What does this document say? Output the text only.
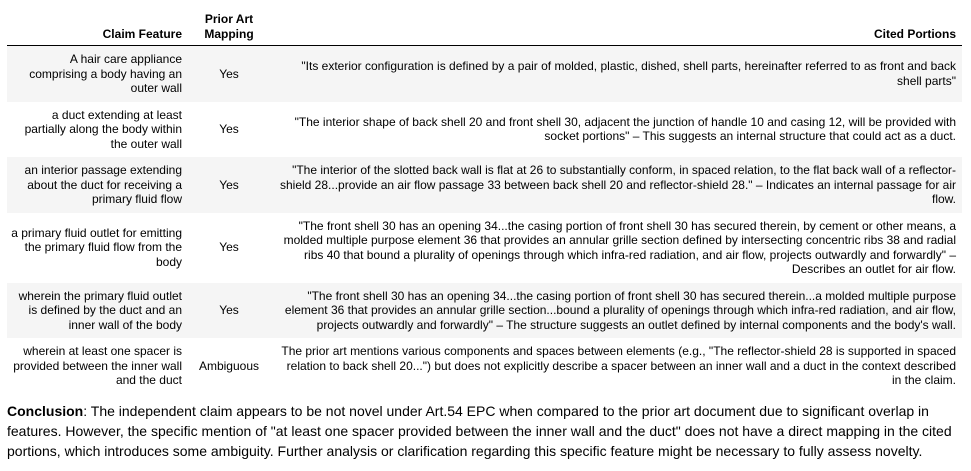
Claim Feature	Prior Art Mapping	Cited Portions
A hair care appliance comprising a body having an outer wall	Yes	"Its exterior configuration is defined by a pair of molded, plastic, dished, shell parts, hereinafter referred to as front and back shell parts"
a duct extending at least partially along the body within the outer wall	Yes	"The interior shape of back shell 20 and front shell 30, adjacent the junction of handle 10 and casing 12, will be provided with socket portions" – This suggests an internal structure that could act as a duct.
an interior passage extending about the duct for receiving a primary fluid flow	Yes	"The interior of the slotted back wall is flat at 26 to substantially conform, in spaced relation, to the flat back wall of a reflector-shield 28...provide an air flow passage 33 between back shell 20 and reflector-shield 28." – Indicates an internal passage for air flow.
a primary fluid outlet for emitting the primary fluid flow from the body	Yes	"The front shell 30 has an opening 34...the casing portion of front shell 30 has secured therein, by cement or other means, a molded multiple purpose element 36 that provides an annular grille section defined by intersecting concentric ribs 38 and radial ribs 40 that bound a plurality of openings through which infra-red radiation, and air flow, projects outwardly and forwardly" – Describes an outlet for air flow.
wherein the primary fluid outlet is defined by the duct and an inner wall of the body	Yes	"The front shell 30 has an opening 34...the casing portion of front shell 30 has secured therein...a molded multiple purpose element 36 that provides an annular grille section...bound a plurality of openings through which infra-red radiation, and air flow, projects outwardly and forwardly" – The structure suggests an outlet defined by internal components and the body's wall.
wherein at least one spacer is provided between the inner wall and the duct	Ambiguous	The prior art mentions various components and spaces between elements (e.g., "The reflector-shield 28 is supported in spaced relation to back shell 20...") but does not explicitly describe a spacer between an inner wall and a duct in the context described in the claim.

Conclusion: The independent claim appears to be not novel under Art.54 EPC when compared to the prior art document due to significant overlap in features. However, the specific mention of "at least one spacer provided between the inner wall and the duct" does not have a direct mapping in the cited portions, which introduces some ambiguity. Further analysis or clarification regarding this specific feature might be necessary to fully assess novelty.
